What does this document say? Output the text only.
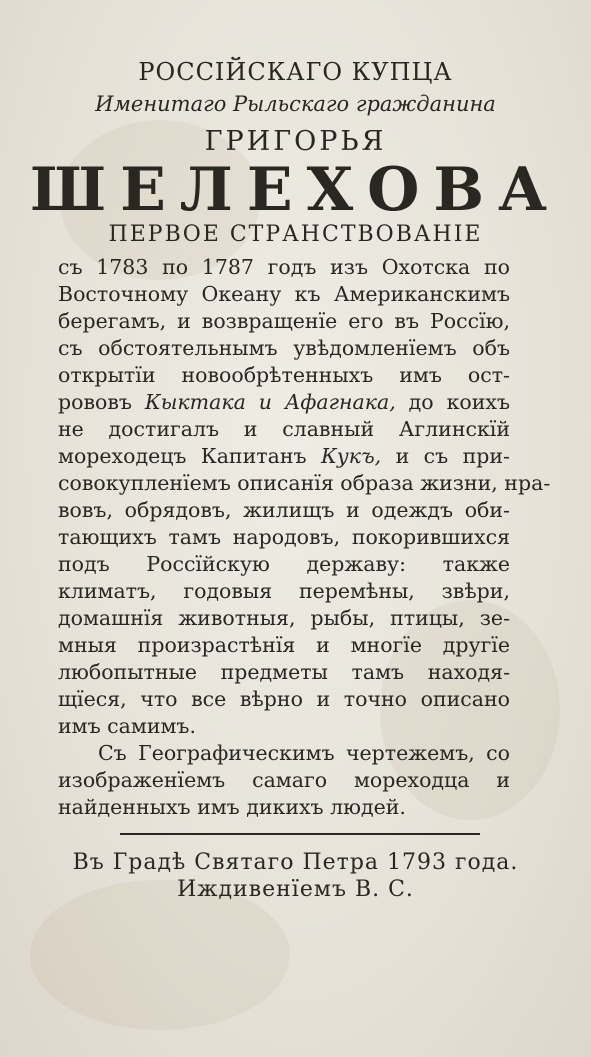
РОССІЙСКАГО КУПЦА
Именитаго Рыльскаго гражданина
ГРИГОРЬЯ
ШЕЛЕХОВА
ПЕРВОЕ СТРАНСТВОВАНІЕ
съ 1783 по 1787 годъ изъ Охотска по
Восточному Океану къ Американскимъ
берегамъ, и возвращенїе его въ Россїю,
съ обстоятельнымъ увѣдомленїемъ объ
открытїи новообрѣтенныхъ имъ ост-
рововъ Кыктака и Афагнака, до коихъ
не достигалъ и славный Аглинскїй
мореходецъ Капитанъ Кукъ, и съ при-
совокупленїемъ описанїя образа жизни, нра-
вовъ, обрядовъ, жилищъ и одеждъ оби-
тающихъ тамъ народовъ, покорившихся
подъ Россїйскую державу: также
климатъ, годовыя перемѣны, звѣри,
домашнїя животныя, рыбы, птицы, зе-
мныя произрастѣнїя и многїе другїе
любопытные предметы тамъ находя-
щїеся, что все вѣрно и точно описано
имъ самимъ.
Съ Географическимъ чертежемъ, со
изображенїемъ самаго мореходца и
найденныхъ имъ дикихъ людей.
Въ Градѣ Святаго Петра 1793 года.
Иждивенїемъ В. С.
